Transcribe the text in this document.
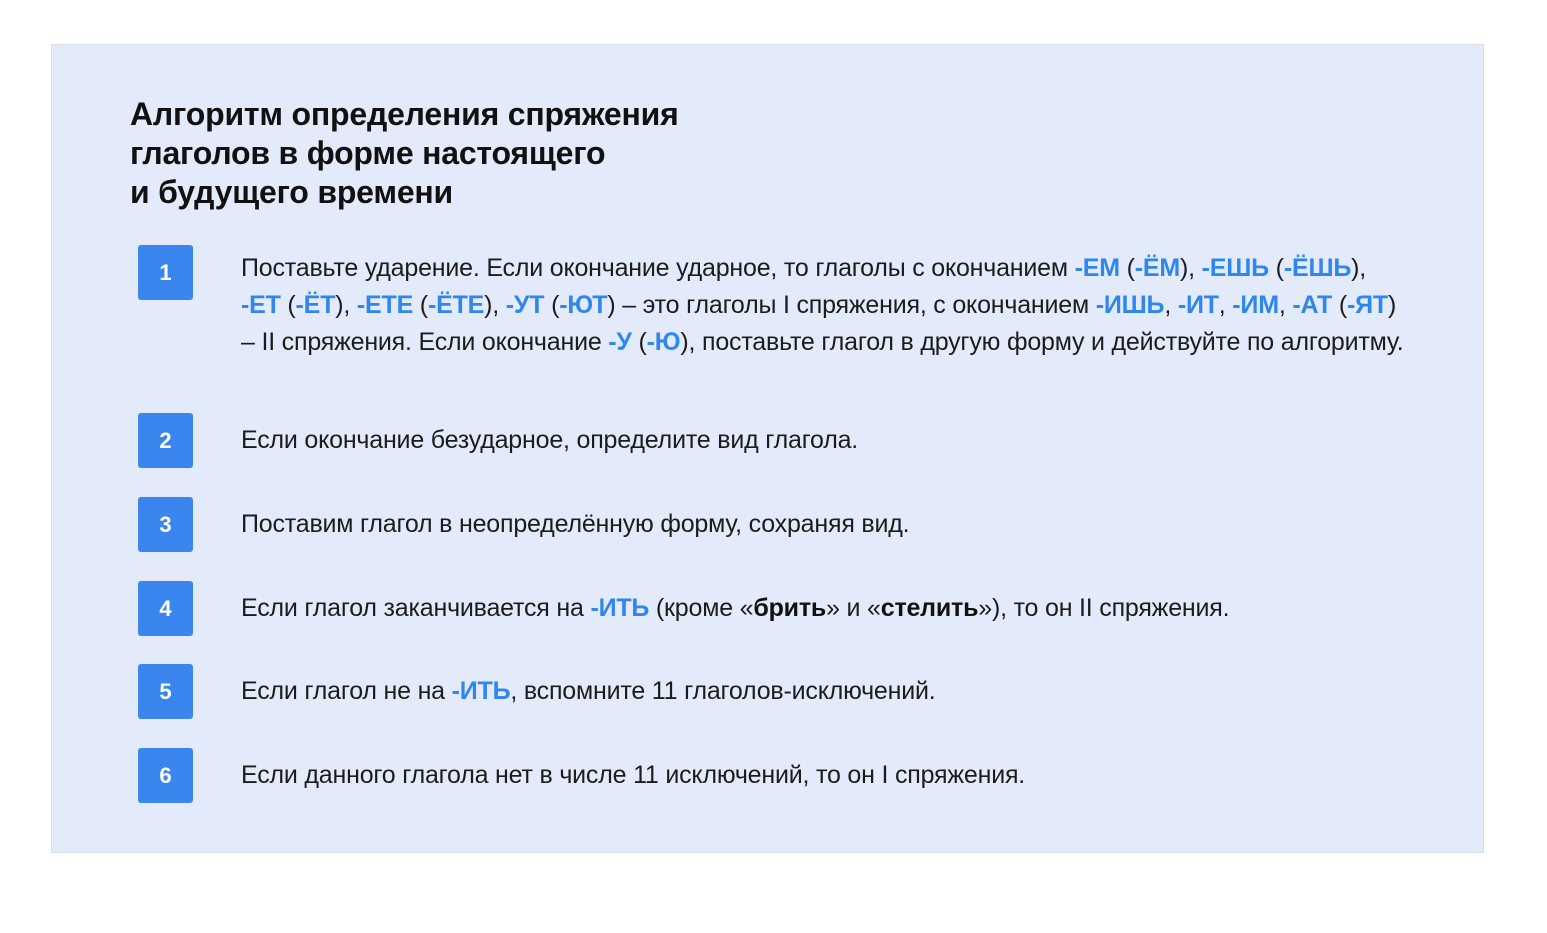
Алгоритм определения спряжения
глаголов в форме настоящего
и будущего времени
1	Поставьте ударение. Если окончание ударное, то глаголы с окончанием -ЕМ (-ЁМ), -ЕШЬ (-ЁШЬ), -ЕТ (-ЁТ), -ЕТЕ (-ЁТЕ), -УТ (-ЮТ) – это глаголы I спряжения, с окончанием -ИШЬ, -ИТ, -ИМ, -АТ (-ЯТ) – II спряжения. Если окончание -У (-Ю), поставьте глагол в другую форму и действуйте по алгоритму.
2	Если окончание безударное, определите вид глагола.
3	Поставим глагол в неопределённую форму, сохраняя вид.
4	Если глагол заканчивается на -ИТЬ (кроме «брить» и «стелить»), то он II спряжения.
5	Если глагол не на -ИТЬ, вспомните 11 глаголов-исключений.
6	Если данного глагола нет в числе 11 исключений, то он I спряжения.
